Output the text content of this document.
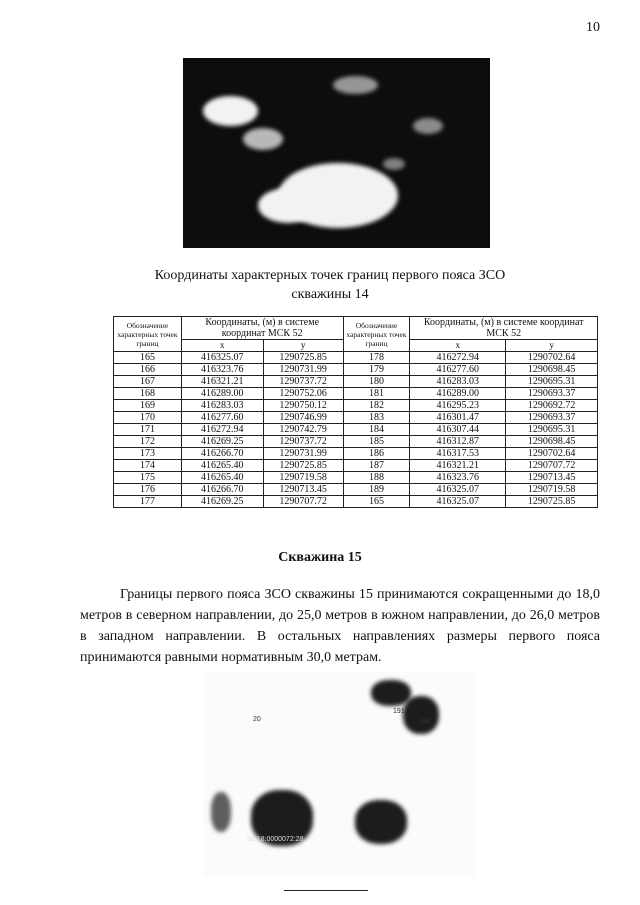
10
Координаты характерных точек границ первого пояса ЗСО
скважины 14
Обозначение характерных точек границ	Координаты, (м) в системе координат МСК 52		Обозначение характерных точек границ	Координаты, (м) в системе координат МСК 52	
	х	у		х	у
165	416325.07	1290725.85	178	416272.94	1290702.64
166	416323.76	1290731.99	179	416277.60	1290698.45
167	416321.21	1290737.72	180	416283.03	1290695.31
168	416289.00	1290752.06	181	416289.00	1290693.37
169	416283.03	1290750.12	182	416295.23	1290692.72
170	416277.60	1290746.99	183	416301.47	1290693.37
171	416272.94	1290742.79	184	416307.44	1290695.31
172	416269.25	1290737.72	185	416312.87	1290698.45
173	416266.70	1290731.99	186	416317.53	1290702.64
174	416265.40	1290725.85	187	416321.21	1290707.72
175	416265.40	1290719.58	188	416323.76	1290713.45
176	416266.70	1290713.45	189	416325.07	1290719.58
177	416269.25	1290707.72	165	416325.07	1290725.85
Скважина 15
Границы первого пояса ЗСО скважины 15 принимаются сокращенными до 18,0 метров в северном направлении, до 25,0 метров в южном направлении, до 26,0 метров в западном направлении. В остальных направлениях размеры первого пояса принимаются равными нормативным 30,0 метрам.
191
192
20
52:18:0000072:28
